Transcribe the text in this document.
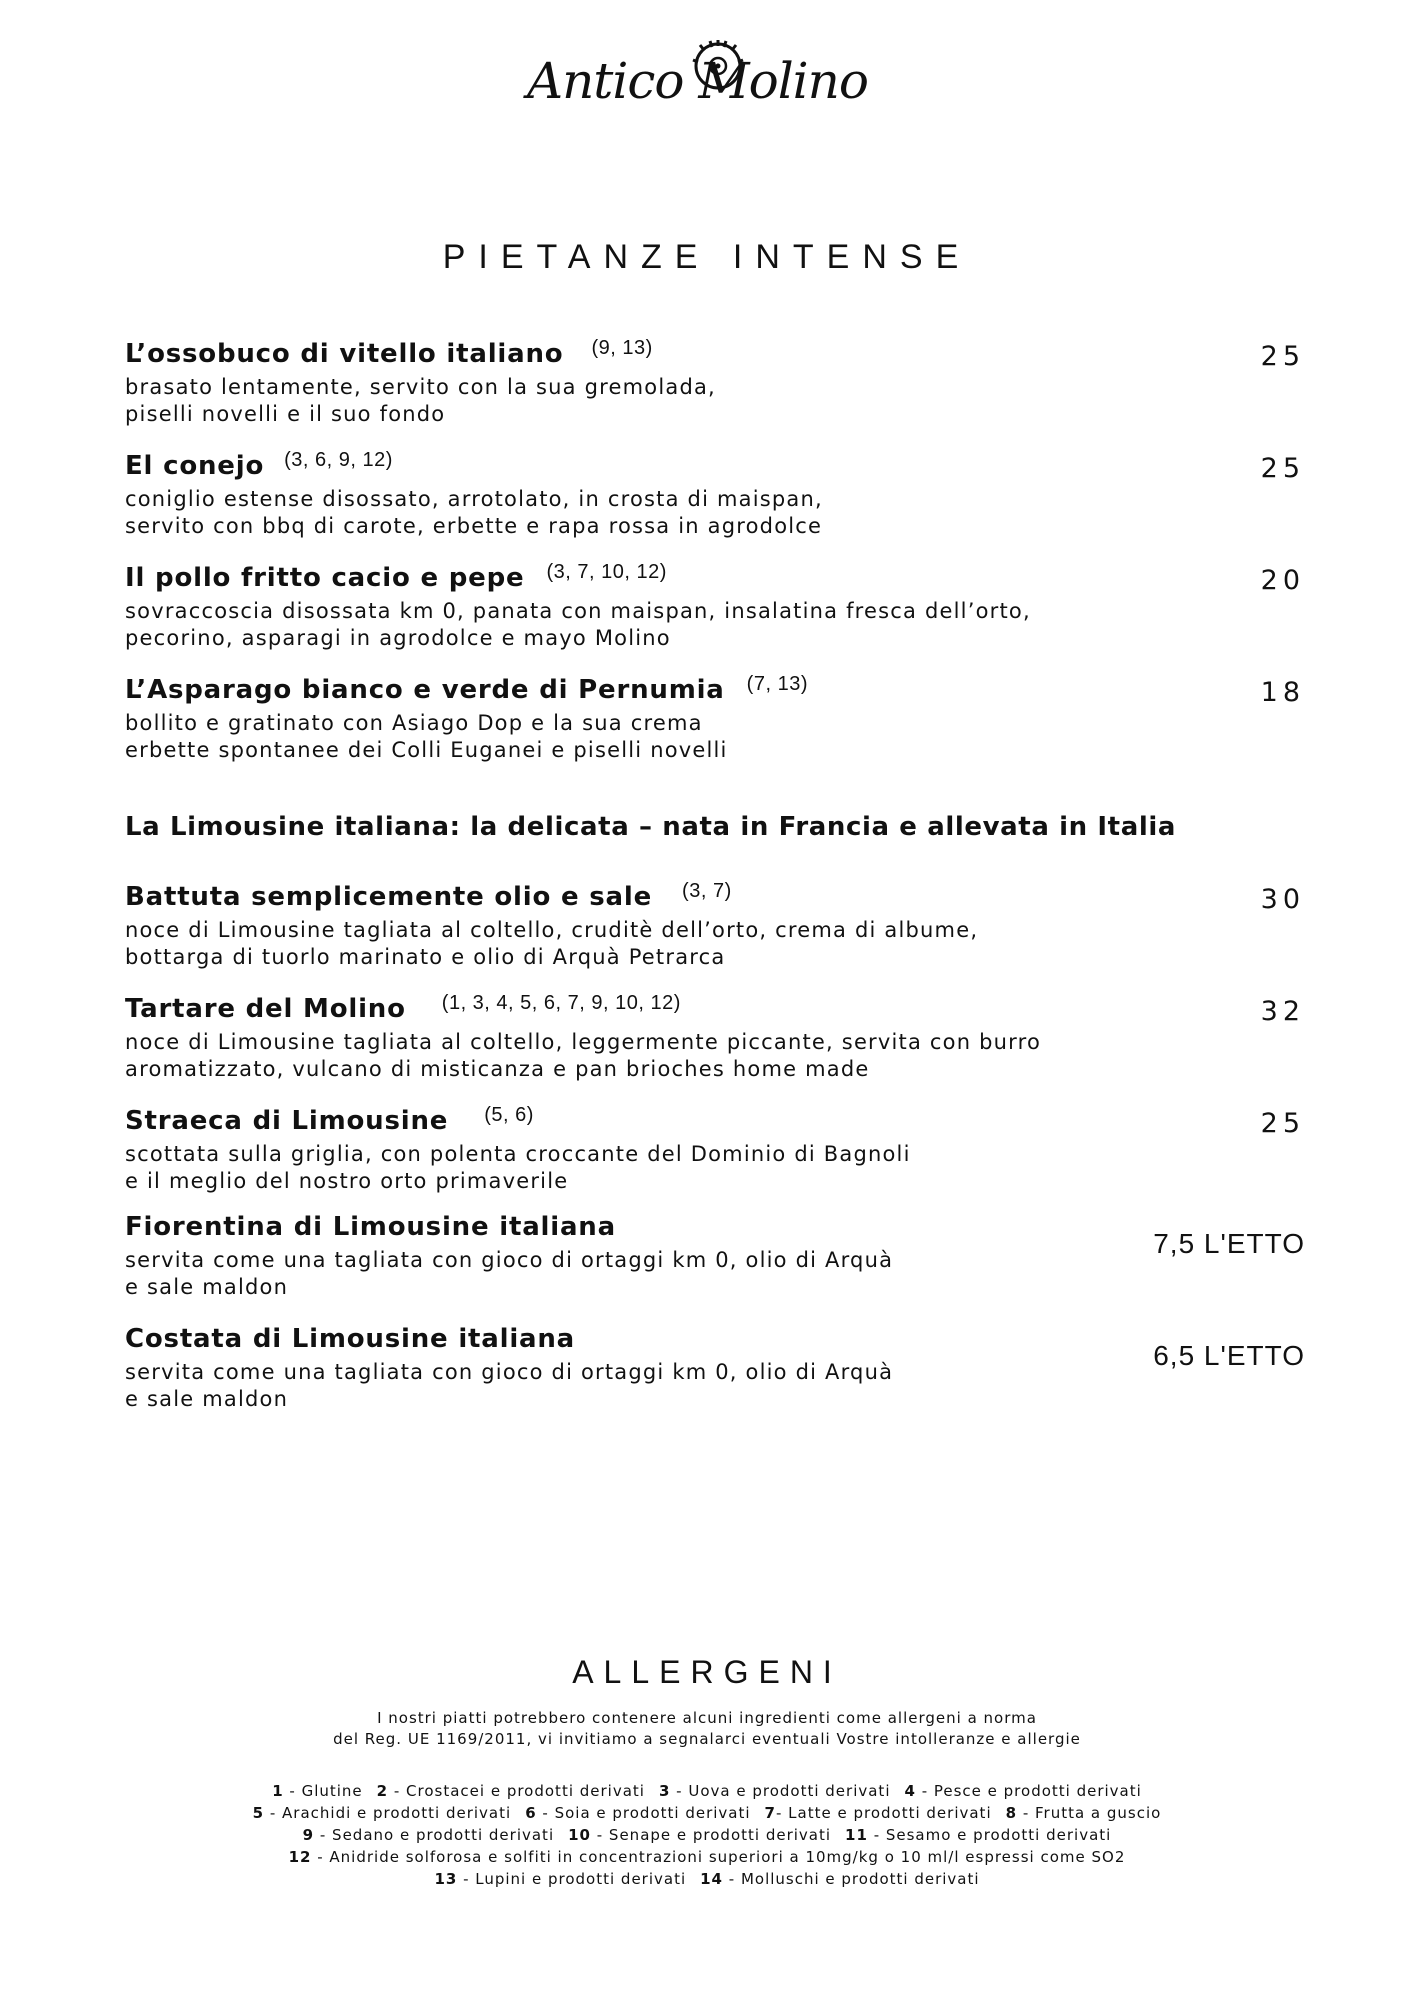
Antico Molino
PIETANZE INTENSE
L’ossobuco di vitello italiano (9, 13)
brasato lentamente, servito con la sua gremolada,
piselli novelli e il suo fondo
25
El conejo (3, 6, 9, 12)
coniglio estense disossato, arrotolato, in crosta di maispan,
servito con bbq di carote, erbette e rapa rossa in agrodolce
25
Il pollo fritto cacio e pepe (3, 7, 10, 12)
sovraccoscia disossata km 0, panata con maispan, insalatina fresca dell’orto,
pecorino, asparagi in agrodolce e mayo Molino
20
L’Asparago bianco e verde di Pernumia (7, 13)
bollito e gratinato con Asiago Dop e la sua crema
erbette spontanee dei Colli Euganei e piselli novelli
18
La Limousine italiana: la delicata – nata in Francia e allevata in Italia
Battuta semplicemente olio e sale (3, 7)
noce di Limousine tagliata al coltello, cruditè dell’orto, crema di albume,
bottarga di tuorlo marinato e olio di Arquà Petrarca
30
Tartare del Molino (1, 3, 4, 5, 6, 7, 9, 10, 12)
noce di Limousine tagliata al coltello, leggermente piccante, servita con burro
aromatizzato, vulcano di misticanza e pan brioches home made
32
Straeca di Limousine (5, 6)
scottata sulla griglia, con polenta croccante del Dominio di Bagnoli
e il meglio del nostro orto primaverile
25
Fiorentina di Limousine italiana
servita come una tagliata con gioco di ortaggi km 0, olio di Arquà
e sale maldon
7,5 L'ETTO
Costata di Limousine italiana
servita come una tagliata con gioco di ortaggi km 0, olio di Arquà
e sale maldon
6,5 L'ETTO
ALLERGENI
I nostri piatti potrebbero contenere alcuni ingredienti come allergeni a norma
del Reg. UE 1169/2011, vi invitiamo a segnalarci eventuali Vostre intolleranze e allergie
1 - Glutine 2 - Crostacei e prodotti derivati 3 - Uova e prodotti derivati 4 - Pesce e prodotti derivati
5 - Arachidi e prodotti derivati 6 - Soia e prodotti derivati 7- Latte e prodotti derivati 8 - Frutta a guscio
9 - Sedano e prodotti derivati 10 - Senape e prodotti derivati 11 - Sesamo e prodotti derivati
12 - Anidride solforosa e solfiti in concentrazioni superiori a 10mg/kg o 10 ml/l espressi come SO2
13 - Lupini e prodotti derivati 14 - Molluschi e prodotti derivati
